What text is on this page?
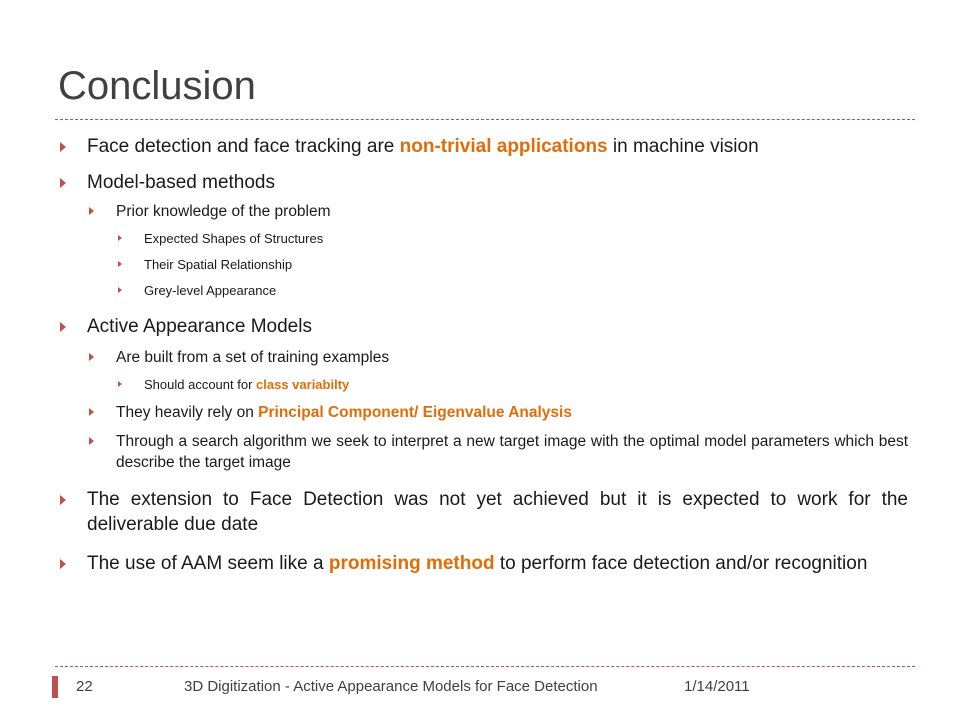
Conclusion
Face detection and face tracking are non-trivial applications in machine vision
Model-based methods
Prior knowledge of the problem
Expected Shapes of Structures
Their Spatial Relationship
Grey-level Appearance
Active Appearance Models
Are built from a set of training examples
Should account for class variabilty
They heavily rely on Principal Component/ Eigenvalue Analysis
Through a search algorithm we seek to interpret a new target image with the optimal model parameters which best describe the target image
The extension to Face Detection was not yet achieved but it is expected to work for the deliverable due date
The use of AAM seem like a promising method to perform face detection and/or recognition
22	3D Digitization - Active Appearance Models for Face Detection	1/14/2011
